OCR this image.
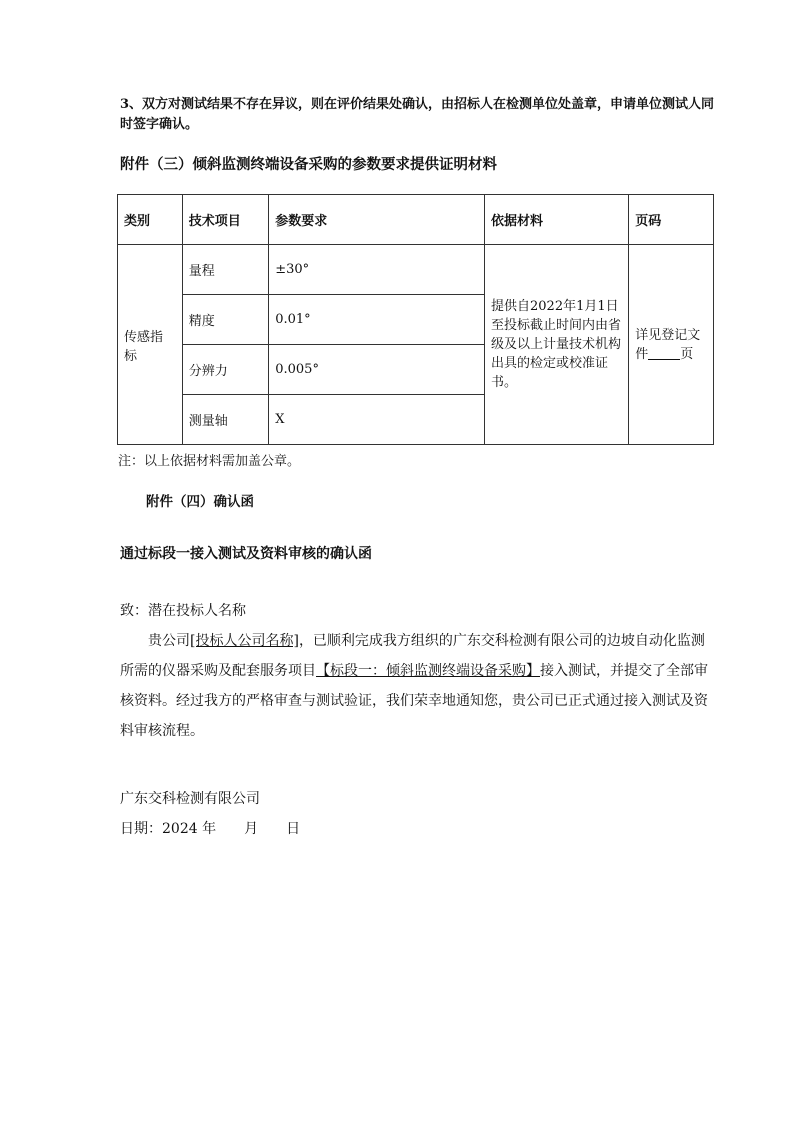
3、双方对测试结果不存在异议，则在评价结果处确认，由招标人在检测单位处盖章，申请单位测试人同时签字确认。
附件（三）倾斜监测终端设备采购的参数要求提供证明材料
类别	技术项目	参数要求	依据材料	页码
传感指标	量程	±30°	提供自2022年1月1日至投标截止时间内由省级及以上计量技术机构出具的检定或校准证书。	详见登记文件 页
	精度	0.01°		
	分辨力	0.005°		
	测量轴	X		
注：以上依据材料需加盖公章。
附件（四）确认函
通过标段一接入测试及资料审核的确认函

致：潜在投标人名称

贵公司[投标人公司名称]，已顺利完成我方组织的广东交科检测有限公司的边坡自动化监测所需的仪器采购及配套服务项目【标段一：倾斜监测终端设备采购】接入测试，并提交了全部审核资料。经过我方的严格审查与测试验证，我们荣幸地通知您，贵公司已正式通过接入测试及资料审核流程。

广东交科检测有限公司
日期：2024 年　　月　　日
